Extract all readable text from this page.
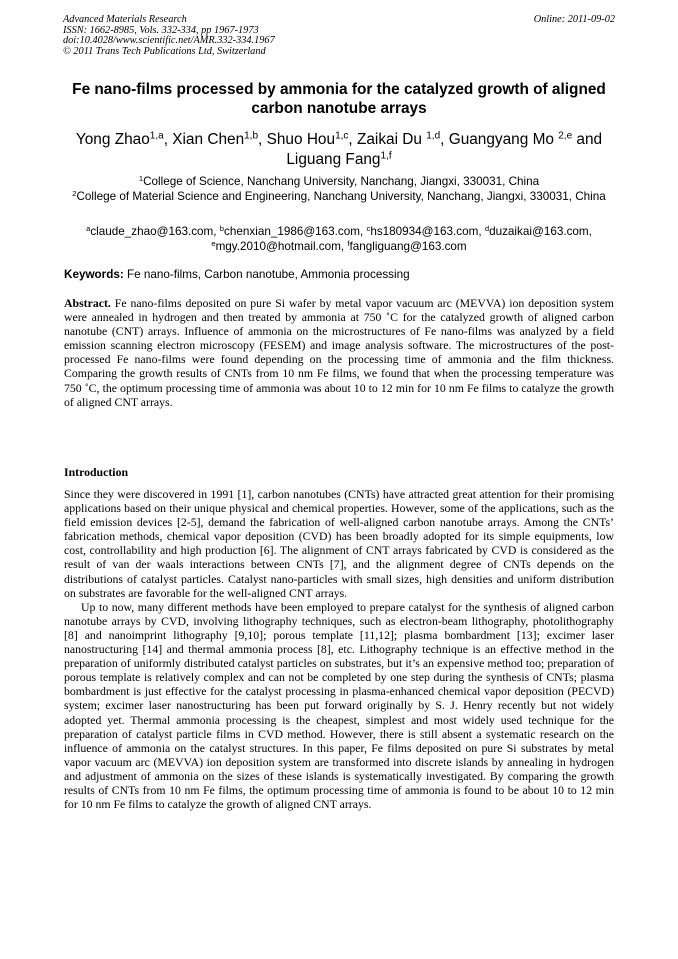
Advanced Materials Research
ISSN: 1662-8985, Vols. 332-334, pp 1967-1973
doi:10.4028/www.scientific.net/AMR.332-334.1967
© 2011 Trans Tech Publications Ltd, Switzerland
Online: 2011-09-02
Fe nano-films processed by ammonia for the catalyzed growth of aligned carbon nanotube arrays
Yong Zhao$^{1,a}$, Xian Chen$^{1,b}$, Shuo Hou$^{1,c}$, Zaikai Du $^{1,d}$, Guangyang Mo $^{2,e}$ and Liguang Fang$^{1,f}$
$^1$College of Science, Nanchang University, Nanchang, Jiangxi, 330031, China
$^2$College of Material Science and Engineering, Nanchang University, Nanchang, Jiangxi, 330031, China
$^a$claude_zhao@163.com, $^b$chenxian_1986@163.com, $^c$hs180934@163.com, $^d$duzaikai@163.com, $^e$mgy.2010@hotmail.com, $^f$fangliguang@163.com
Keywords: Fe nano-films, Carbon nanotube, Ammonia processing

Abstract. Fe nano-films deposited on pure Si wafer by metal vapor vacuum arc (MEVVA) ion deposition system were annealed in hydrogen and then treated by ammonia at 750 ˚C for the catalyzed growth of aligned carbon nanotube (CNT) arrays. Influence of ammonia on the microstructures of Fe nano-films was analyzed by a field emission scanning electron microscopy (FESEM) and image analysis software. The microstructures of the post-processed Fe nano-films were found depending on the processing time of ammonia and the film thickness. Comparing the growth results of CNTs from 10 nm Fe films, we found that when the processing temperature was 750 ˚C, the optimum processing time of ammonia was about 10 to 12 min for 10 nm Fe films to catalyze the growth of aligned CNT arrays.

Introduction

Since they were discovered in 1991 [1], carbon nanotubes (CNTs) have attracted great attention for their promising applications based on their unique physical and chemical properties. However, some of the applications, such as the field emission devices [2-5], demand the fabrication of well-aligned carbon nanotube arrays. Among the CNTs’ fabrication methods, chemical vapor deposition (CVD) has been broadly adopted for its simple equipments, low cost, controllability and high production [6]. The alignment of CNT arrays fabricated by CVD is considered as the result of van der waals interactions between CNTs [7], and the alignment degree of CNTs depends on the distributions of catalyst particles. Catalyst nano-particles with small sizes, high densities and uniform distribution on substrates are favorable for the well-aligned CNT arrays.

Up to now, many different methods have been employed to prepare catalyst for the synthesis of aligned carbon nanotube arrays by CVD, involving lithography techniques, such as electron-beam lithography, photolithography [8] and nanoimprint lithography [9,10]; porous template [11,12]; plasma bombardment [13]; excimer laser nanostructuring [14] and thermal ammonia process [8], etc. Lithography technique is an effective method in the preparation of uniformly distributed catalyst particles on substrates, but it’s an expensive method too; preparation of porous template is relatively complex and can not be completed by one step during the synthesis of CNTs; plasma bombardment is just effective for the catalyst processing in plasma-enhanced chemical vapor deposition (PECVD) system; excimer laser nanostructuring has been put forward originally by S. J. Henry recently but not widely adopted yet. Thermal ammonia processing is the cheapest, simplest and most widely used technique for the preparation of catalyst particle films in CVD method. However, there is still absent a systematic research on the influence of ammonia on the catalyst structures. In this paper, Fe films deposited on pure Si substrates by metal vapor vacuum arc (MEVVA) ion deposition system are transformed into discrete islands by annealing in hydrogen and adjustment of ammonia on the sizes of these islands is systematically investigated. By comparing the growth results of CNTs from 10 nm Fe films, the optimum processing time of ammonia is found to be about 10 to 12 min for 10 nm Fe films to catalyze the growth of aligned CNT arrays.
